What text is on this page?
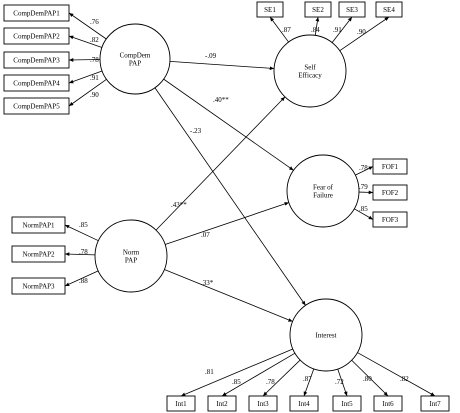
CompDemPAP1
.76
CompDemPAP2	.82
CompDemPAP3	.78
CompDemPAP4
.91
CompDemPAP5
.90
NormPAP1	.85
NormPAP2	.78
NormPAP3
.88
SE1
.87
SE2
.84
SE3
.91
SE4
.90
FOF1
.78
FOF2
.79
FOF3
.85
Int1
.81
Int2
.85
Int3
.78
Int4
.87
Int5
.72
Int6
.80
Int7
.82
-.09
.40**
-.23
.43**
.07
.33*
CompDem
PAP
Norm
PAP
Self
Efficacy
Fear of
Failure
Interest
